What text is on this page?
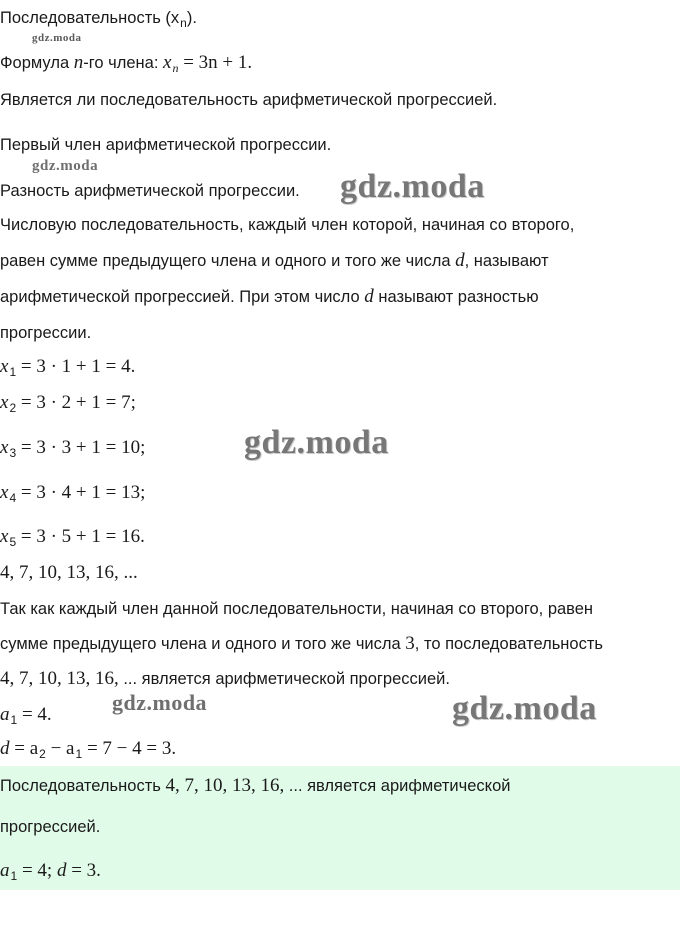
Последовательность $(x_n)$.
gdz.moda
Формула n-го члена: $x_n = 3n + 1$.
Является ли последовательность арифметической прогрессией.
Первый член арифметической прогрессии.
gdz.moda
Разность арифметической прогрессии. gdz.moda
Числовую последовательность, каждый член которой, начиная со второго,
равен сумме предыдущего члена и одного и того же числа d, называют
арифметической прогрессией. При этом число d называют разностью
прогрессии.
$x_1 = 3 \cdot 1 + 1 = 4$.
$x_2 = 3 \cdot 2 + 1 = 7$;
$x_3 = 3 \cdot 3 + 1 = 10$;	gdz.moda
$x_4 = 3 \cdot 4 + 1 = 13$;
$x_5 = 3 \cdot 5 + 1 = 16$.
4, 7, 10, 13, 16, ...
Так как каждый член данной последовательности, начиная со второго, равен
сумме предыдущего члена и одного и того же числа 3, то последовательность
4, 7, 10, 13, 16, ... является арифметической прогрессией.
$a_1 = 4$.	gdz.moda	gdz.moda
$d = a_2 - a_1 = 7 - 4 = 3$.
Последовательность 4, 7, 10, 13, 16, ... является арифметической
прогрессией.
$a_1 = 4$; d = 3.
